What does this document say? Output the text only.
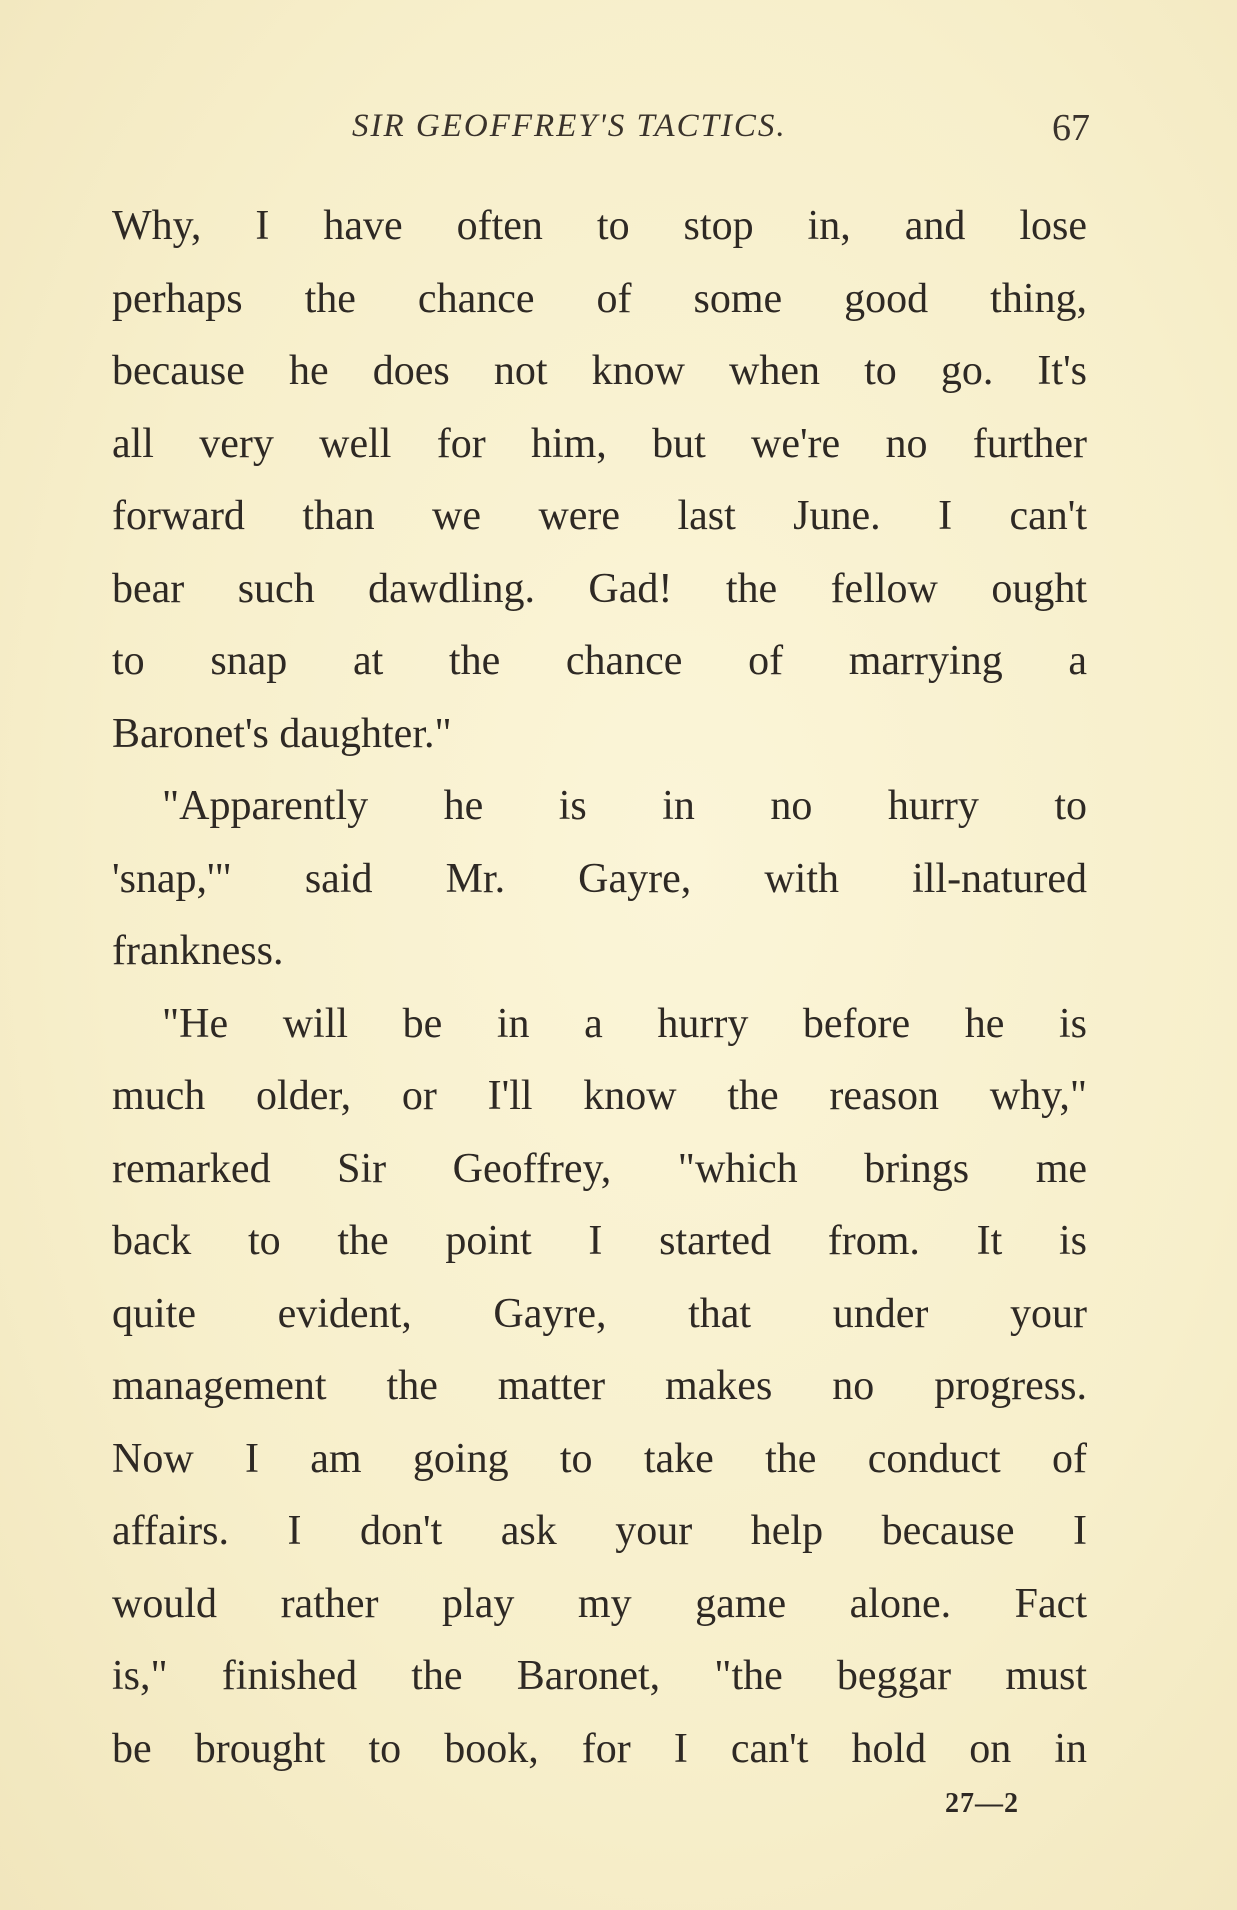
SIR GEOFFREY'S TACTICS.	67
Why, I have often to stop in, and lose
perhaps the chance of some good thing,
because he does not know when to go. It's
all very well for him, but we're no further
forward than we were last June. I can't
bear such dawdling. Gad! the fellow ought
to snap at the chance of marrying a
Baronet's daughter."
"Apparently he is in no hurry to
'snap,'" said Mr. Gayre, with ill-natured
frankness.
"He will be in a hurry before he is
much older, or I'll know the reason why,"
remarked Sir Geoffrey, "which brings me
back to the point I started from. It is
quite evident, Gayre, that under your
management the matter makes no progress.
Now I am going to take the conduct of
affairs. I don't ask your help because I
would rather play my game alone. Fact
is," finished the Baronet, "the beggar must
be brought to book, for I can't hold on in
27—2
